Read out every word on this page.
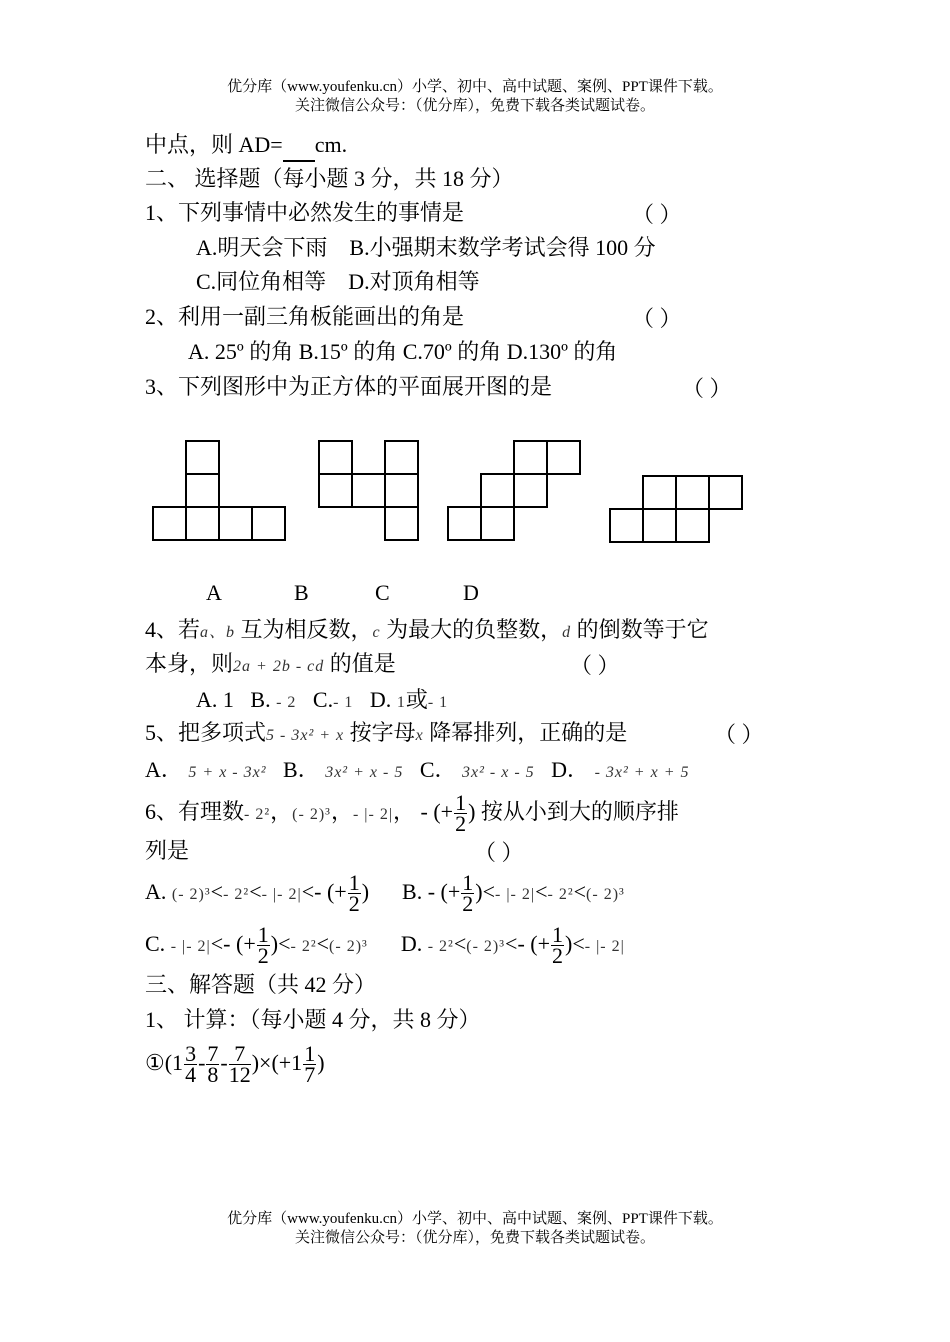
优分库（www.youfenku.cn）小学、初中、高中试题、案例、PPT课件下载。
关注微信公众号：（优分库），免费下载各类试题试卷。
中点，则 AD= cm.
二、 选择题（每小题 3 分，共 18 分）
1、下列事情中必然发生的事情是	（ ）
A.明天会下雨 B.小强期末数学考试会得 100 分
C.同位角相等 D.对顶角相等
2、利用一副三角板能画出的角是	（ ）
A. 25º 的角 B.15º 的角 C.70º 的角 D.130º 的角
3、下列图形中为正方体的平面展开图的是	（ ）
A	B	C	D
4、若a、b 互为相反数，c 为最大的负整数，d 的倒数等于它
本身，则2a + 2b - cd 的值是	（ ）
A. 1 B. - 2 C.- 1 D. 1或- 1
5、把多项式5 - 3x² + x 按字母x 降幂排列，正确的是	（ ）
A． 5 + x - 3x² B． 3x² + x - 5 C． 3x² - x - 5 D． - 3x² + x + 5
6、有理数- 2²，(- 2)³，- |- 2|， - (+ $\frac{1}{2}$ ) 按从小到大的顺序排
列是	（ ）
A. (- 2)³<- 2²<- |- 2|<- (+ $\frac{1}{2}$ ) B. - (+ $\frac{1}{2}$ )<- |- 2|<- 2²<(- 2)³
C. - |- 2|<- (+ $\frac{1}{2}$ )<- 2²<(- 2)³ D. - 2²<(- 2)³<- (+ $\frac{1}{2}$ )<- |- 2|
三、解答题（共 42 分）
1、 计算：（每小题 4 分，共 8 分）
①(1 $\frac{3}{4} - \frac{7}{8} - \frac{7}{12} )\times(+1 \frac{1}{7}$ )
优分库（www.youfenku.cn）小学、初中、高中试题、案例、PPT课件下载。
关注微信公众号：（优分库），免费下载各类试题试卷。
